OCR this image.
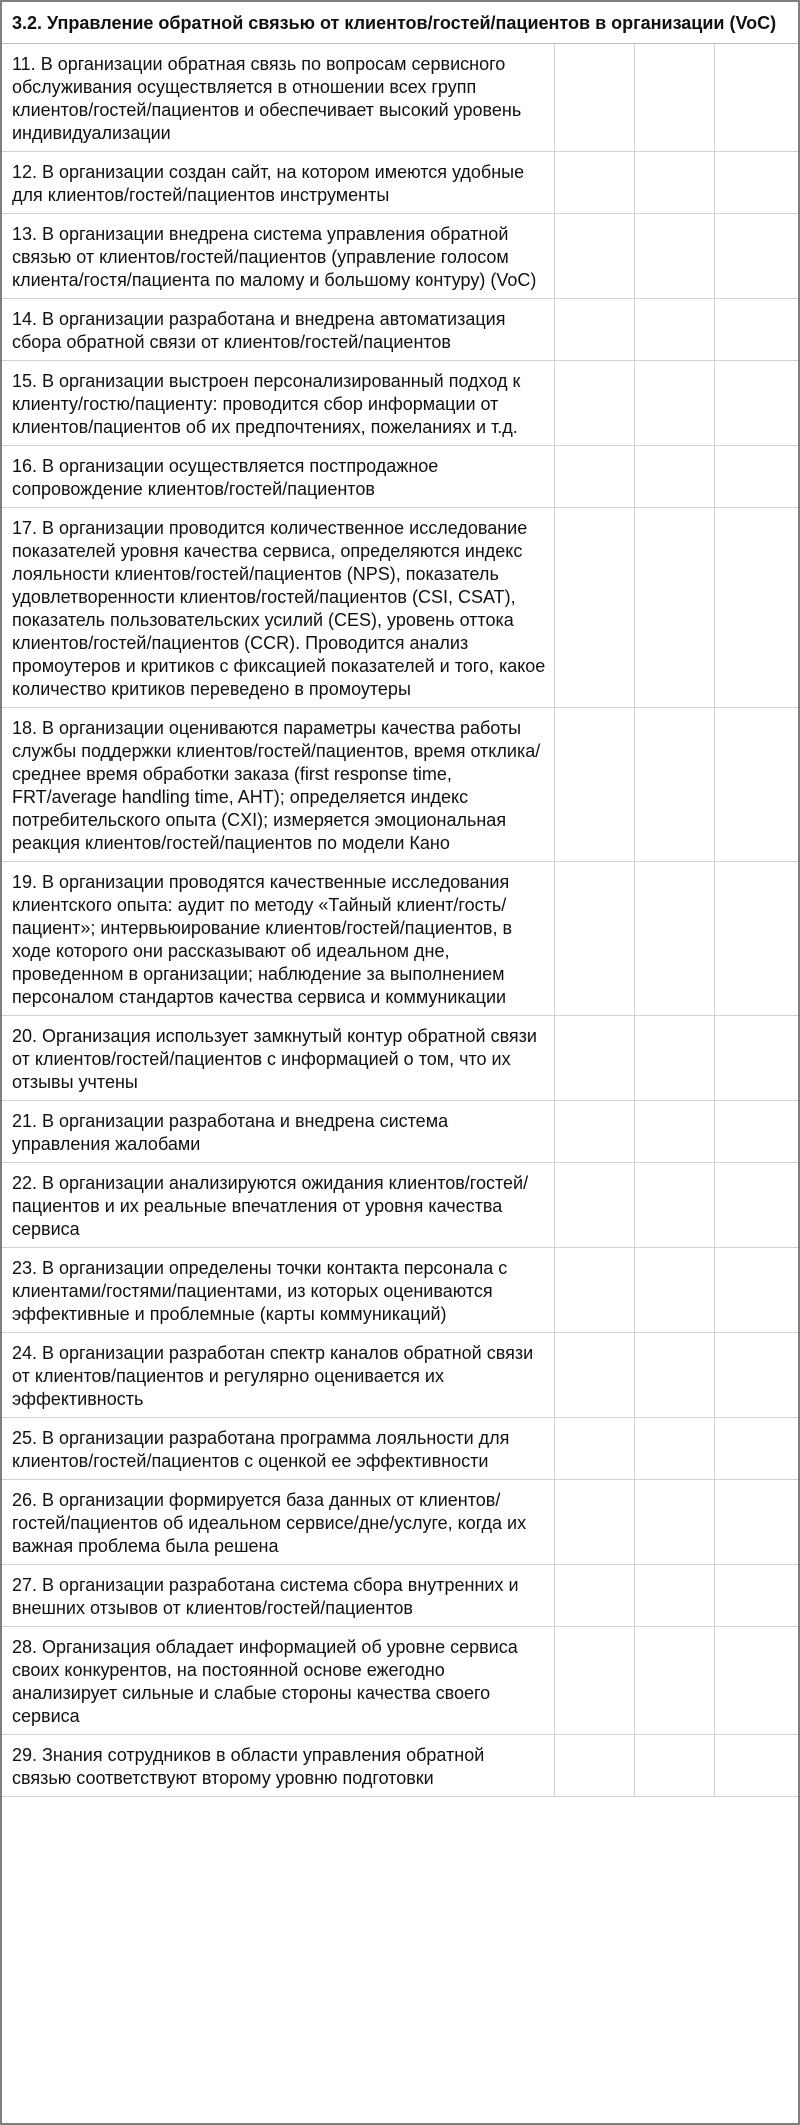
3.2. Управление обратной связью от клиентов/гостей/пациентов в организации (VoC)			
11. В организации обратная связь по вопросам сервисного обслуживания осуществляется в отношении всех групп клиентов/гостей/пациентов и обеспечивает высокий уровень индивидуализации			
12. В организации создан сайт, на котором имеются удобные для клиентов/гостей/пациентов инструменты			
13. В организации внедрена система управления обратной связью от клиентов/гостей/пациентов (управление голосом клиента/гостя/пациента по малому и большому контуру) (VoC)			
14. В организации разработана и внедрена автоматизация сбора обратной связи от клиентов/гостей/пациентов			
15. В организации выстроен персонализированный подход к клиенту/гостю/пациенту: проводится сбор информации от клиентов/пациентов об их предпочтениях, пожеланиях и т.д.			
16. В организации осуществляется постпродажное сопровождение клиентов/гостей/пациентов			
17. В организации проводится количественное исследование показателей уровня качества сервиса, определяются индекс лояльности клиентов/гостей/пациентов (NPS), показатель удовлетворенности клиентов/гостей/пациентов (CSI, CSAT), показатель пользовательских усилий (CES), уровень оттока клиентов/гостей/пациентов (CCR). Проводится анализ промоутеров и критиков с фиксацией показателей и того, какое количество критиков переведено в промоутеры			
18. В организации оцениваются параметры качества работы службы поддержки клиентов/гостей/пациентов, время отклика/среднее время обработки заказа (first response time, FRT/average handling time, AHT); определяется индекс потребительского опыта (CXI); измеряется эмоциональная реакция клиентов/гостей/пациентов по модели Кано			
19. В организации проводятся качественные исследования клиентского опыта: аудит по методу «Тайный клиент/гость/пациент»; интервьюирование клиентов/гостей/пациентов, в ходе которого они рассказывают об идеальном дне, проведенном в организации; наблюдение за выполнением персоналом стандартов качества сервиса и коммуникации			
20. Организация использует замкнутый контур обратной связи от клиентов/гостей/пациентов с информацией о том, что их отзывы учтены			
21. В организации разработана и внедрена система управления жалобами			
22. В организации анализируются ожидания клиентов/гостей/пациентов и их реальные впечатления от уровня качества сервиса			
23. В организации определены точки контакта персонала с клиентами/гостями/пациентами, из которых оцениваются эффективные и проблемные (карты коммуникаций)			
24. В организации разработан спектр каналов обратной связи от клиентов/пациентов и регулярно оценивается их эффективность			
25. В организации разработана программа лояльности для клиентов/гостей/пациентов с оценкой ее эффективности			
26. В организации формируется база данных от клиентов/гостей/пациентов об идеальном сервисе/дне/услуге, когда их важная проблема была решена			
27. В организации разработана система сбора внутренних и внешних отзывов от клиентов/гостей/пациентов			
28. Организация обладает информацией об уровне сервиса своих конкурентов, на постоянной основе ежегодно анализирует сильные и слабые стороны качества своего сервиса			
29. Знания сотрудников в области управления обратной связью соответствуют второму уровню подготовки			
